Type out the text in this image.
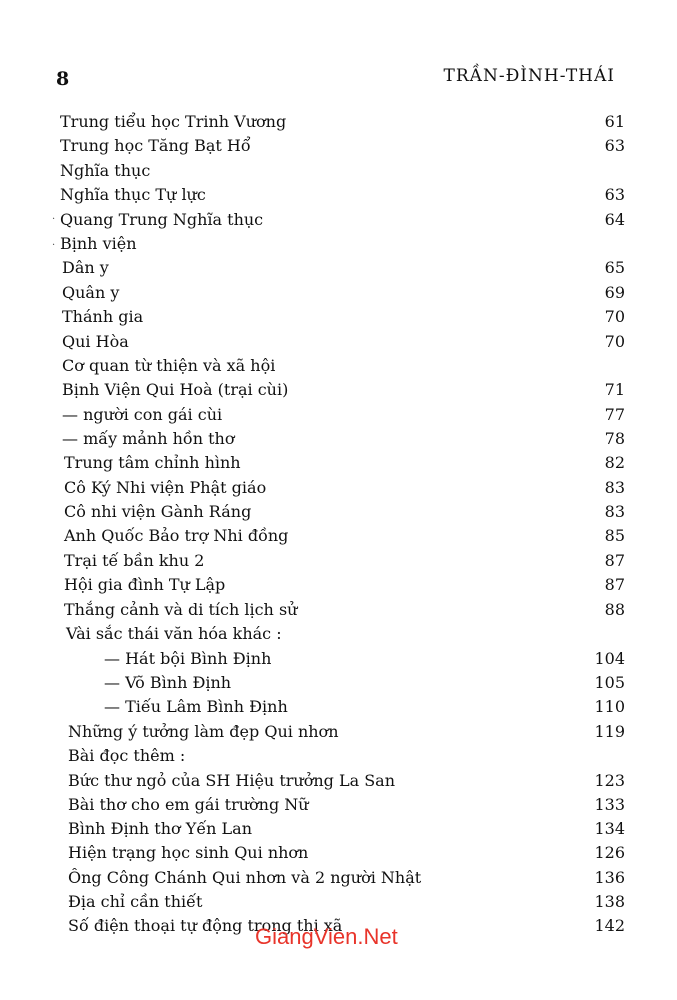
8	TRẦN-ĐÌNH-THÁI
Trung tiểu học Trinh Vương	61
Trung học Tăng Bạt Hổ	63
Nghĩa thục
Nghĩa thục Tự lực	63
Quang Trung Nghĩa thục	64
Bịnh viện
Dân y	65
Quân y	69
Thánh gia	70
Qui Hòa	70
Cơ quan từ thiện và xã hội
Bịnh Viện Qui Hoà (trại cùi)	71
— người con gái cùi	77
— mấy mảnh hồn thơ	78
Trung tâm chỉnh hình	82
Cô Ký Nhi viện Phật giáo	83
Cô nhi viện Gành Ráng	83
Anh Quốc Bảo trợ Nhi đồng	85
Trại tế bần khu 2	87
Hội gia đình Tự Lập	87
Thắng cảnh và di tích lịch sử	88
Vài sắc thái văn hóa khác :
— Hát bội Bình Định	104
— Võ Bình Định	105
— Tiếu Lâm Bình Định	110
Những ý tưởng làm đẹp Qui nhơn	119
Bài đọc thêm :
Bức thư ngỏ của SH Hiệu trưởng La San	123
Bài thơ cho em gái trường Nữ	133
Bình Định thơ Yến Lan	134
Hiện trạng học sinh Qui nhơn	126
Ông Công Chánh Qui nhơn và 2 người Nhật	136
Địa chỉ cần thiết	138
Số điện thoại tự động trong thị xã	142
·
·
GiangVien.Net
